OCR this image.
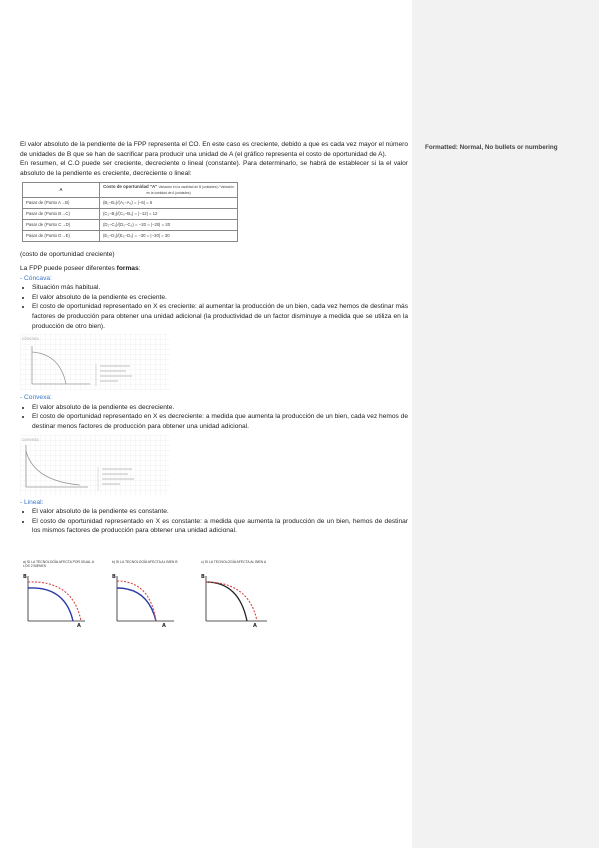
Formatted: Normal, No bullets or numbering

El valor absoluto de la pendiente de la FPP representa el CO. En este caso es creciente, debido a que es cada vez mayor el número de unidades de B que se han de sacrificar para producir una unidad de A (el gráfico representa el costo de oportunidad de A).

En resumen, el C.O puede ser creciente, decreciente o lineal (constante). Para determinarlo, se habrá de establecer si la el valor absoluto de la pendiente es creciente, decreciente o lineal:

A	Costo de oportunidad "A" Variación en la cantidad de B (unidades) / Variación en la cantidad de A (unidades)	
Pasar de (Punto A→B)	(B₁−B₀)/(A₁−A₀) = |−6| = 6	
Pasar de (Punto B→C)	(C₁−B₁)/(C₀−B₀) = |−12| = 12	
Pasar de (Punto C→D)	(D₁−C₁)/(D₀−C₀) = −20 = |−20| = 20	
Pasar de (Punto D→E)	(E₁−D₁)/(E₀−D₀) = −30 = |−30| = 30	

(costo de oportunidad creciente)

La FPP puede poseer diferentes formas:

- Cóncava:

• Situación más habitual.
• El valor absoluto de la pendiente es creciente.
• El costo de oportunidad representado en X es creciente: al aumentar la producción de un bien, cada vez hemos de destinar más factores de producción para obtener una unidad adicional (la productividad de un factor disminuye a medida que se utiliza en la producción de otro bien).
cóncava

- Convexa:

• El valor absoluto de la pendiente es decreciente.
• El costo de oportunidad representado en X es decreciente: a medida que aumenta la producción de un bien, cada vez hemos de destinar menos factores de producción para obtener una unidad adicional.
convexa

- Lineal:

• El valor absoluto de la pendiente es constante.
• El costo de oportunidad representado en X es constante: a medida que aumenta la producción de un bien, hemos de destinar los mismos factores de producción para obtener una unidad adicional.
a) SI LA TECNOLOGÍA AFECTA POR IGUAL A LOS 2 BIENES
B
A
b) SI LA TECNOLOGÍA AFECTA AL BIEN B
B
A
c) SI LA TECNOLOGÍA AFECTA AL BIEN A
B
A
